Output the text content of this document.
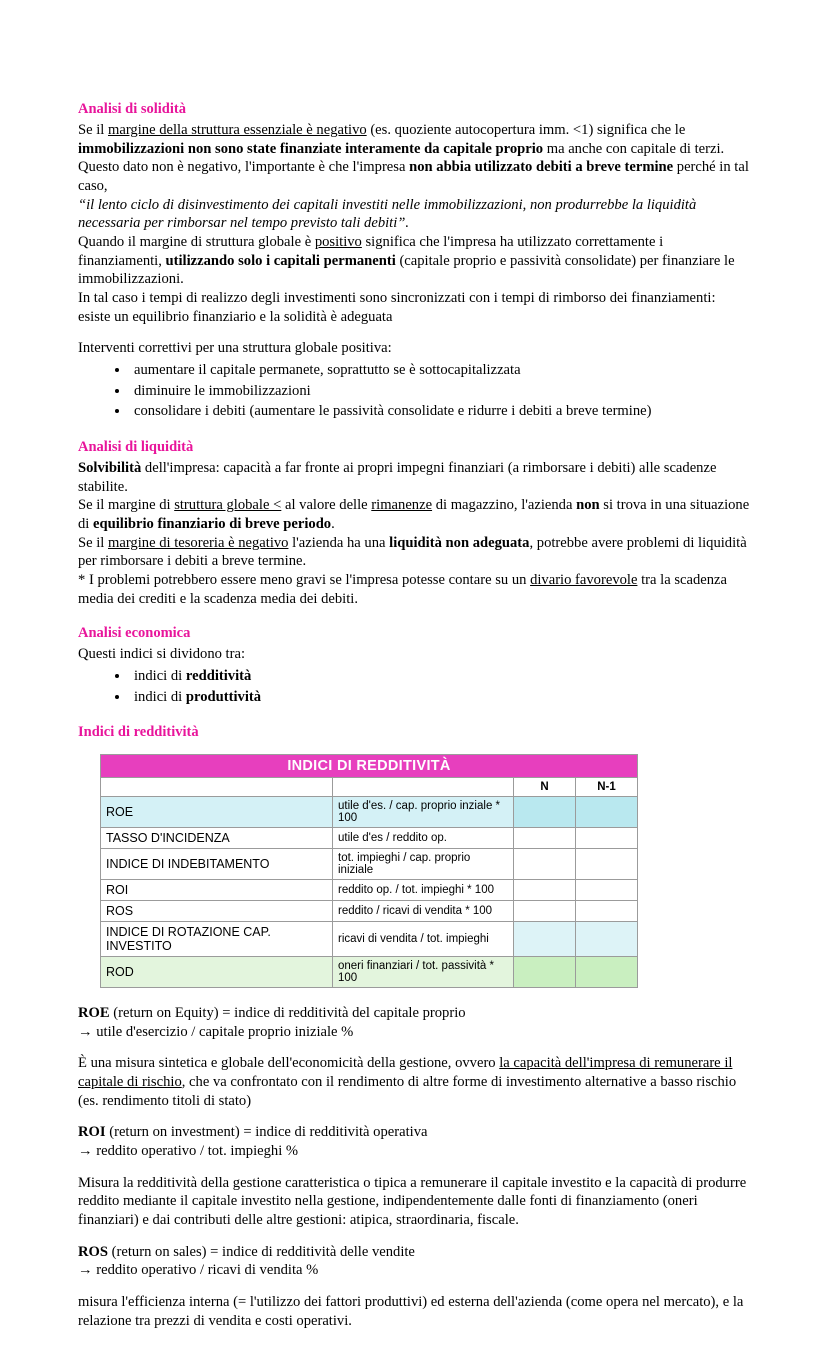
Analisi di solidità

Se il margine della struttura essenziale è negativo (es. quoziente autocopertura imm. <1) significa che le immobilizzazioni non sono state finanziate interamente da capitale proprio ma anche con capitale di terzi.

Questo dato non è negativo, l'importante è che l'impresa non abbia utilizzato debiti a breve termine perché in tal caso,

“il lento ciclo di disinvestimento dei capitali investiti nelle immobilizzazioni, non produrrebbe la liquidità necessaria per rimborsar nel tempo previsto tali debiti”.

Quando il margine di struttura globale è positivo significa che l'impresa ha utilizzato correttamente i finanziamenti, utilizzando solo i capitali permanenti (capitale proprio e passività consolidate) per finanziare le immobilizzazioni.

In tal caso i tempi di realizzo degli investimenti sono sincronizzati con i tempi di rimborso dei finanziamenti: esiste un equilibrio finanziario e la solidità è adeguata

Interventi correttivi per una struttura globale positiva:

• aumentare il capitale permanete, soprattutto se è sottocapitalizzata
• diminuire le immobilizzazioni
• consolidare i debiti (aumentare le passività consolidate e ridurre i debiti a breve termine)
Analisi di liquidità

Solvibilità dell'impresa: capacità a far fronte ai propri impegni finanziari (a rimborsare i debiti) alle scadenze stabilite.

Se il margine di struttura globale < al valore delle rimanenze di magazzino, l'azienda non si trova in una situazione di equilibrio finanziario di breve periodo.

Se il margine di tesoreria è negativo l'azienda ha una liquidità non adeguata, potrebbe avere problemi di liquidità per rimborsare i debiti a breve termine.

* I problemi potrebbero essere meno gravi se l'impresa potesse contare su un divario favorevole tra la scadenza media dei crediti e la scadenza media dei debiti.

Analisi economica

Questi indici si dividono tra:

• indici di redditività
• indici di produttività
Indici di redditività
INDICI DI REDDITIVITÀ			
		N	N-1
ROE	utile d'es. / cap. proprio inziale * 100		
TASSO D'INCIDENZA	utile d'es / reddito op.		
INDICE DI INDEBITAMENTO	tot. impieghi / cap. proprio iniziale		
ROI	reddito op. / tot. impieghi * 100		
ROS	reddito / ricavi di vendita * 100		
INDICE DI ROTAZIONE CAP. INVESTITO	ricavi di vendita / tot. impieghi		
ROD	oneri finanziari / tot. passività * 100		

ROE (return on Equity) = indice di redditività del capitale proprio

→ utile d'esercizio / capitale proprio iniziale %

È una misura sintetica e globale dell'economicità della gestione, ovvero la capacità dell'impresa di remunerare il capitale di rischio, che va confrontato con il rendimento di altre forme di investimento alternative a basso rischio (es. rendimento titoli di stato)

ROI (return on investment) = indice di redditività operativa

→ reddito operativo / tot. impieghi %

Misura la redditività della gestione caratteristica o tipica a remunerare il capitale investito e la capacità di produrre reddito mediante il capitale investito nella gestione, indipendentemente dalle fonti di finanziamento (oneri finanziari) e dai contributi delle altre gestioni: atipica, straordinaria, fiscale.

ROS (return on sales) = indice di redditività delle vendite

→ reddito operativo / ricavi di vendita %

misura l'efficienza interna (= l'utilizzo dei fattori produttivi) ed esterna dell'azienda (come opera nel mercato), e la relazione tra prezzi di vendita e costi operativi.
